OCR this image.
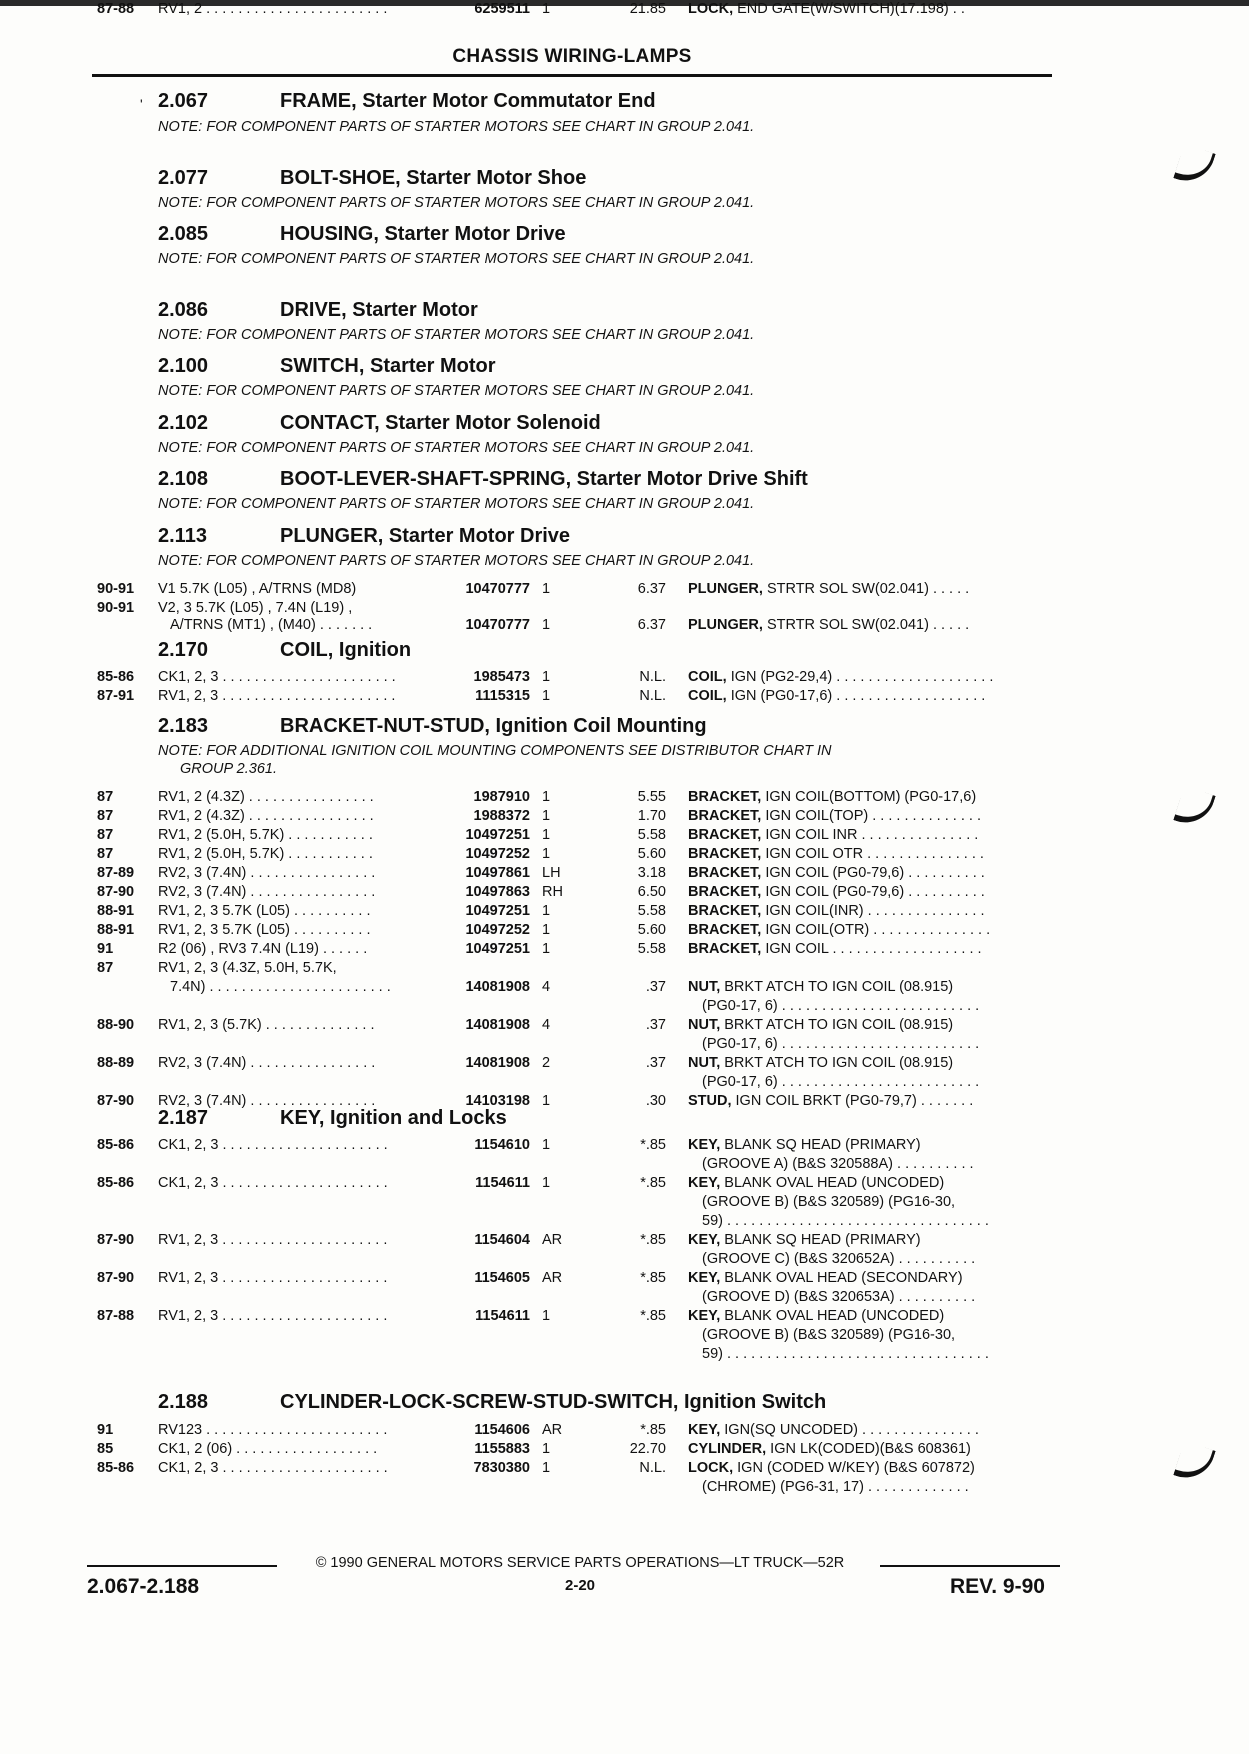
CHASSIS WIRING-LAMPS
' 2.067	FRAME, Starter Motor Commutator End
NOTE: FOR COMPONENT PARTS OF STARTER MOTORS SEE CHART IN GROUP 2.041.
2.077	BOLT-SHOE, Starter Motor Shoe
NOTE: FOR COMPONENT PARTS OF STARTER MOTORS SEE CHART IN GROUP 2.041.
2.085	HOUSING, Starter Motor Drive
NOTE: FOR COMPONENT PARTS OF STARTER MOTORS SEE CHART IN GROUP 2.041.
2.086	DRIVE, Starter Motor
NOTE: FOR COMPONENT PARTS OF STARTER MOTORS SEE CHART IN GROUP 2.041.
2.100	SWITCH, Starter Motor
NOTE: FOR COMPONENT PARTS OF STARTER MOTORS SEE CHART IN GROUP 2.041.
2.102	CONTACT, Starter Motor Solenoid
NOTE: FOR COMPONENT PARTS OF STARTER MOTORS SEE CHART IN GROUP 2.041.
2.108	BOOT-LEVER-SHAFT-SPRING, Starter Motor Drive Shift
NOTE: FOR COMPONENT PARTS OF STARTER MOTORS SEE CHART IN GROUP 2.041.
2.113	PLUNGER, Starter Motor Drive
NOTE: FOR COMPONENT PARTS OF STARTER MOTORS SEE CHART IN GROUP 2.041.
2.170	COIL, Ignition
2.183	BRACKET-NUT-STUD, Ignition Coil Mounting
NOTE: FOR ADDITIONAL IGNITION COIL MOUNTING COMPONENTS SEE DISTRIBUTOR CHART IN
GROUP 2.361.
2.187	KEY, Ignition and Locks
2.188	CYLINDER-LOCK-SCREW-STUD-SWITCH, Ignition Switch
90-91 V1 5.7K (L05) , A/TRNS (MD8)	10470777 1	6.37 PLUNGER, STRTR SOL SW(02.041) . . . . .
90-91 V2, 3 5.7K (L05) , 7.4N (L19) ,
A/TRNS (MT1) , (M40) . . . . . . .	10470777 1	6.37 PLUNGER, STRTR SOL SW(02.041) . . . . .
85-86 CK1, 2, 3 . . . . . . . . . . . . . . . . . . . . . .	1985473 1	N.L. COIL, IGN (PG2-29,4) . . . . . . . . . . . . . . . . . . . .
87-91 RV1, 2, 3 . . . . . . . . . . . . . . . . . . . . . .	1115315 1	N.L. COIL, IGN (PG0-17,6) . . . . . . . . . . . . . . . . . . .
87	RV1, 2 (4.3Z) . . . . . . . . . . . . . . . .	1987910 1	5.55 BRACKET, IGN COIL(BOTTOM) (PG0-17,6)
87	RV1, 2 (4.3Z) . . . . . . . . . . . . . . . .	1988372 1	1.70 BRACKET, IGN COIL(TOP) . . . . . . . . . . . . . .
87	RV1, 2 (5.0H, 5.7K) . . . . . . . . . . .	10497251 1	5.58 BRACKET, IGN COIL INR . . . . . . . . . . . . . . .
87	RV1, 2 (5.0H, 5.7K) . . . . . . . . . . .	10497252 1	5.60 BRACKET, IGN COIL OTR . . . . . . . . . . . . . . .
87-89 RV2, 3 (7.4N) . . . . . . . . . . . . . . . .	10497861 LH	3.18 BRACKET, IGN COIL (PG0-79,6) . . . . . . . . . .
87-90 RV2, 3 (7.4N) . . . . . . . . . . . . . . . .	10497863 RH	6.50 BRACKET, IGN COIL (PG0-79,6) . . . . . . . . . .
88-91 RV1, 2, 3 5.7K (L05) . . . . . . . . . .	10497251 1	5.58 BRACKET, IGN COIL(INR) . . . . . . . . . . . . . . .
88-91 RV1, 2, 3 5.7K (L05) . . . . . . . . . .	10497252 1	5.60 BRACKET, IGN COIL(OTR) . . . . . . . . . . . . . . .
91	R2 (06) , RV3 7.4N (L19) . . . . . .	10497251 1	5.58 BRACKET, IGN COIL . . . . . . . . . . . . . . . . . . .
87	RV1, 2, 3 (4.3Z, 5.0H, 5.7K,
7.4N) . . . . . . . . . . . . . . . . . . . . . . .	14081908 4	.37 NUT, BRKT ATCH TO IGN COIL (08.915)
(PG0-17, 6) . . . . . . . . . . . . . . . . . . . . . . . . .
88-90 RV1, 2, 3 (5.7K) . . . . . . . . . . . . . .	14081908 4	.37 NUT, BRKT ATCH TO IGN COIL (08.915)
(PG0-17, 6) . . . . . . . . . . . . . . . . . . . . . . . . .
88-89 RV2, 3 (7.4N) . . . . . . . . . . . . . . . .	14081908 2	.37 NUT, BRKT ATCH TO IGN COIL (08.915)
(PG0-17, 6) . . . . . . . . . . . . . . . . . . . . . . . . .
87-90 RV2, 3 (7.4N) . . . . . . . . . . . . . . . .	14103198 1	.30 STUD, IGN COIL BRKT (PG0-79,7) . . . . . . .
85-86 CK1, 2, 3 . . . . . . . . . . . . . . . . . . . . .	1154610 1	*.85 KEY, BLANK SQ HEAD (PRIMARY)
(GROOVE A) (B&S 320588A) . . . . . . . . . .
85-86 CK1, 2, 3 . . . . . . . . . . . . . . . . . . . . .	1154611 1	*.85 KEY, BLANK OVAL HEAD (UNCODED)
(GROOVE B) (B&S 320589) (PG16-30,
59) . . . . . . . . . . . . . . . . . . . . . . . . . . . . . . . . .
87-90 RV1, 2, 3 . . . . . . . . . . . . . . . . . . . . .	1154604 AR	*.85 KEY, BLANK SQ HEAD (PRIMARY)
(GROOVE C) (B&S 320652A) . . . . . . . . . .
87-90 RV1, 2, 3 . . . . . . . . . . . . . . . . . . . . .	1154605 AR	*.85 KEY, BLANK OVAL HEAD (SECONDARY)
(GROOVE D) (B&S 320653A) . . . . . . . . . .
87-88 RV1, 2, 3 . . . . . . . . . . . . . . . . . . . . .	1154611 1	*.85 KEY, BLANK OVAL HEAD (UNCODED)
(GROOVE B) (B&S 320589) (PG16-30,
59) . . . . . . . . . . . . . . . . . . . . . . . . . . . . . . . . .
91	RV123 . . . . . . . . . . . . . . . . . . . . . . .	1154606 AR	*.85 KEY, IGN(SQ UNCODED) . . . . . . . . . . . . . . .
85	CK1, 2 (06) . . . . . . . . . . . . . . . . . .	1155883 1	22.70 CYLINDER, IGN LK(CODED)(B&S 608361)
85-86 CK1, 2, 3 . . . . . . . . . . . . . . . . . . . . .	7830380 1	N.L. LOCK, IGN (CODED W/KEY) (B&S 607872)
(CHROME) (PG6-31, 17) . . . . . . . . . . . . .
87-88 RV1, 2 . . . . . . . . . . . . . . . . . . . . . . .	6259511 1	21.85 LOCK, END GATE(W/SWITCH)(17.198) . .
© 1990 GENERAL MOTORS SERVICE PARTS OPERATIONS—LT TRUCK—52R
2.067-2.188	2-20	REV. 9-90
